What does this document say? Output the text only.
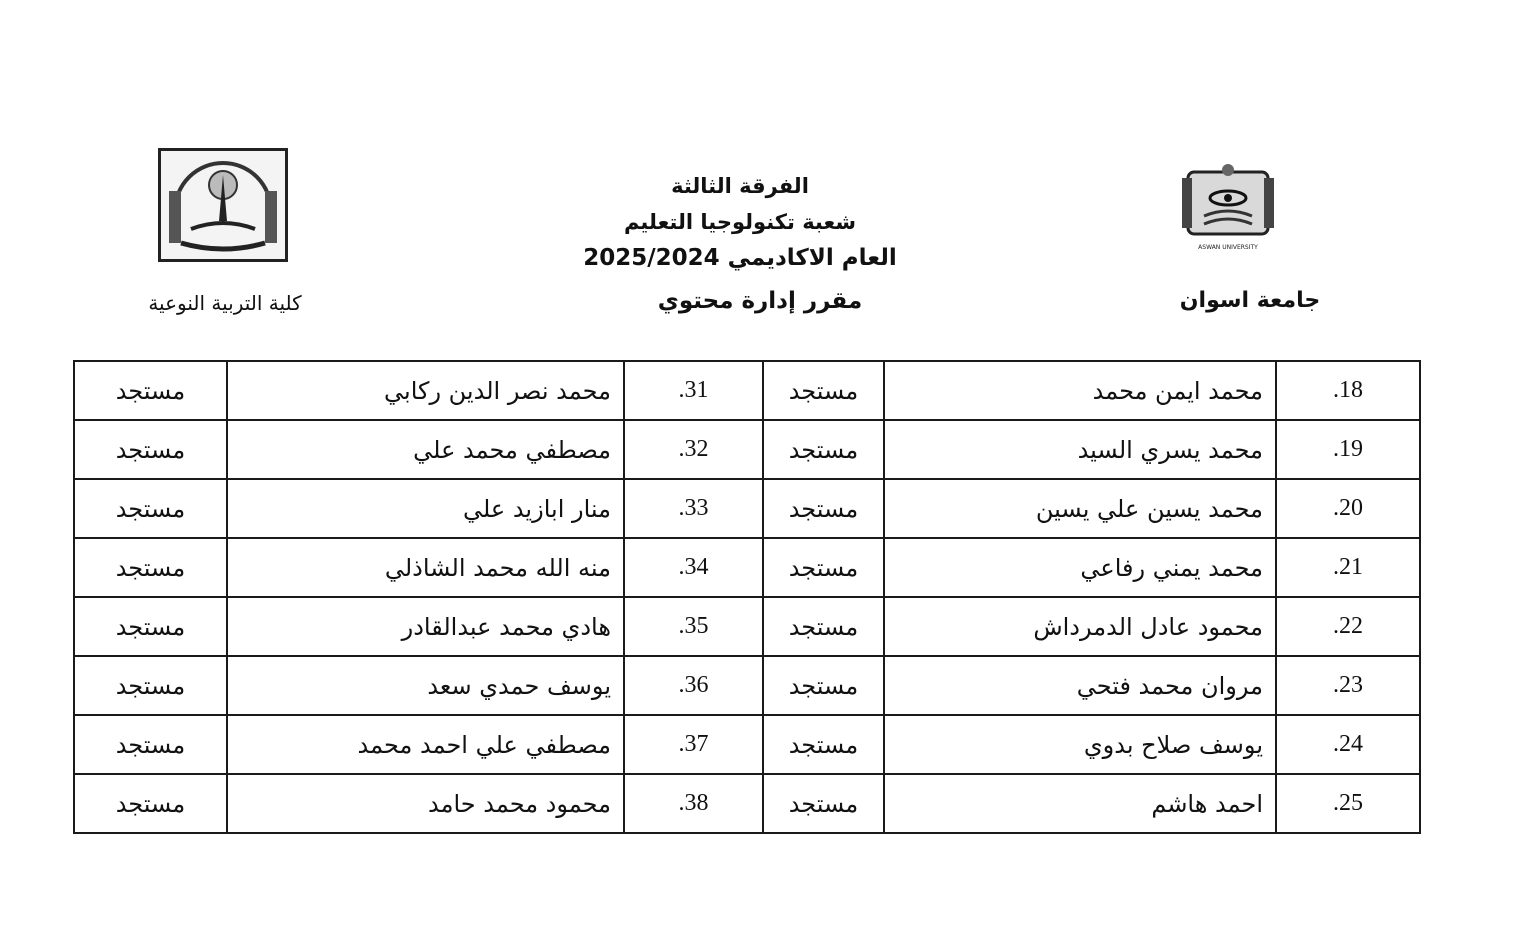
الفرقة الثالثة
شعبة تكنولوجيا التعليم
العام الاكاديمي 2025/2024
مقرر إدارة محتوي	جامعة اسوان
كلية التربية النوعية
ASWAN UNIVERSITY
.18	محمد ايمن محمد	مستجد	.31	محمد نصر الدين ركابي	مستجد
.19	محمد يسري السيد	مستجد	.32	مصطفي محمد علي	مستجد
.20	محمد يسين علي يسين	مستجد	.33	منار ابازيد علي	مستجد
.21	محمد يمني رفاعي	مستجد	.34	منه الله محمد الشاذلي	مستجد
.22	محمود عادل الدمرداش	مستجد	.35	هادي محمد عبدالقادر	مستجد
.23	مروان محمد فتحي	مستجد	.36	يوسف حمدي سعد	مستجد
.24	يوسف صلاح بدوي	مستجد	.37	مصطفي علي احمد محمد	مستجد
.25	احمد هاشم	مستجد	.38	محمود محمد حامد	مستجد
